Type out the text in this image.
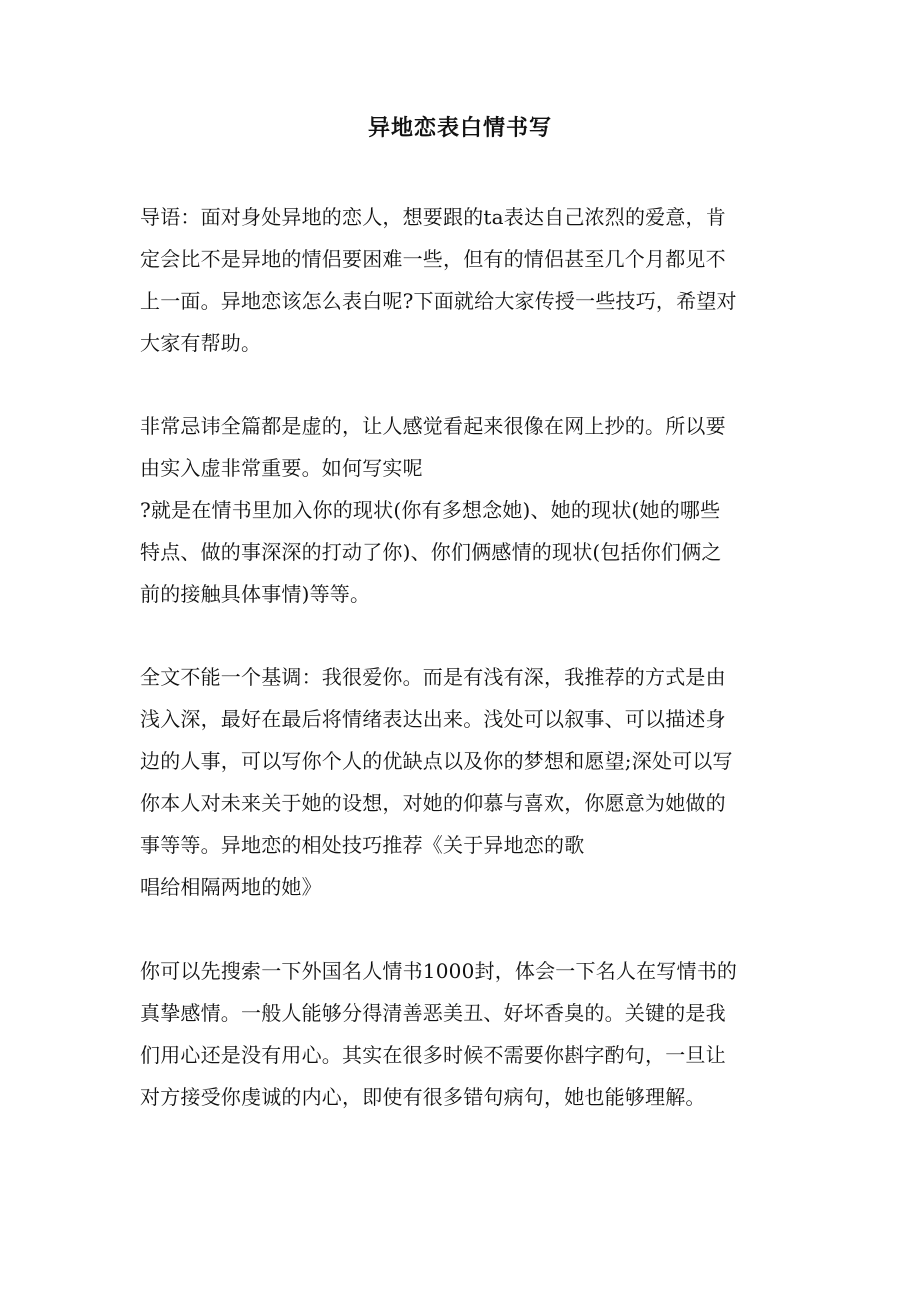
异地恋表白情书写
导语：面对身处异地的恋人，想要跟的ta表达自己浓烈的爱意，肯
定会比不是异地的情侣要困难一些，但有的情侣甚至几个月都见不
上一面。异地恋该怎么表白呢?下面就给大家传授一些技巧，希望对
大家有帮助。
非常忌讳全篇都是虚的，让人感觉看起来很像在网上抄的。所以要
由实入虚非常重要。如何写实呢
?就是在情书里加入你的现状(你有多想念她)、她的现状(她的哪些
特点、做的事深深的打动了你)、你们俩感情的现状(包括你们俩之
前的接触具体事情)等等。
全文不能一个基调：我很爱你。而是有浅有深，我推荐的方式是由
浅入深，最好在最后将情绪表达出来。浅处可以叙事、可以描述身
边的人事，可以写你个人的优缺点以及你的梦想和愿望;深处可以写
你本人对未来关于她的设想，对她的仰慕与喜欢，你愿意为她做的
事等等。异地恋的相处技巧推荐《关于异地恋的歌
唱给相隔两地的她》
你可以先搜索一下外国名人情书1000封，体会一下名人在写情书的
真挚感情。一般人能够分得清善恶美丑、好坏香臭的。关键的是我
们用心还是没有用心。其实在很多时候不需要你斟字酌句，一旦让
对方接受你虔诚的内心，即使有很多错句病句，她也能够理解。
